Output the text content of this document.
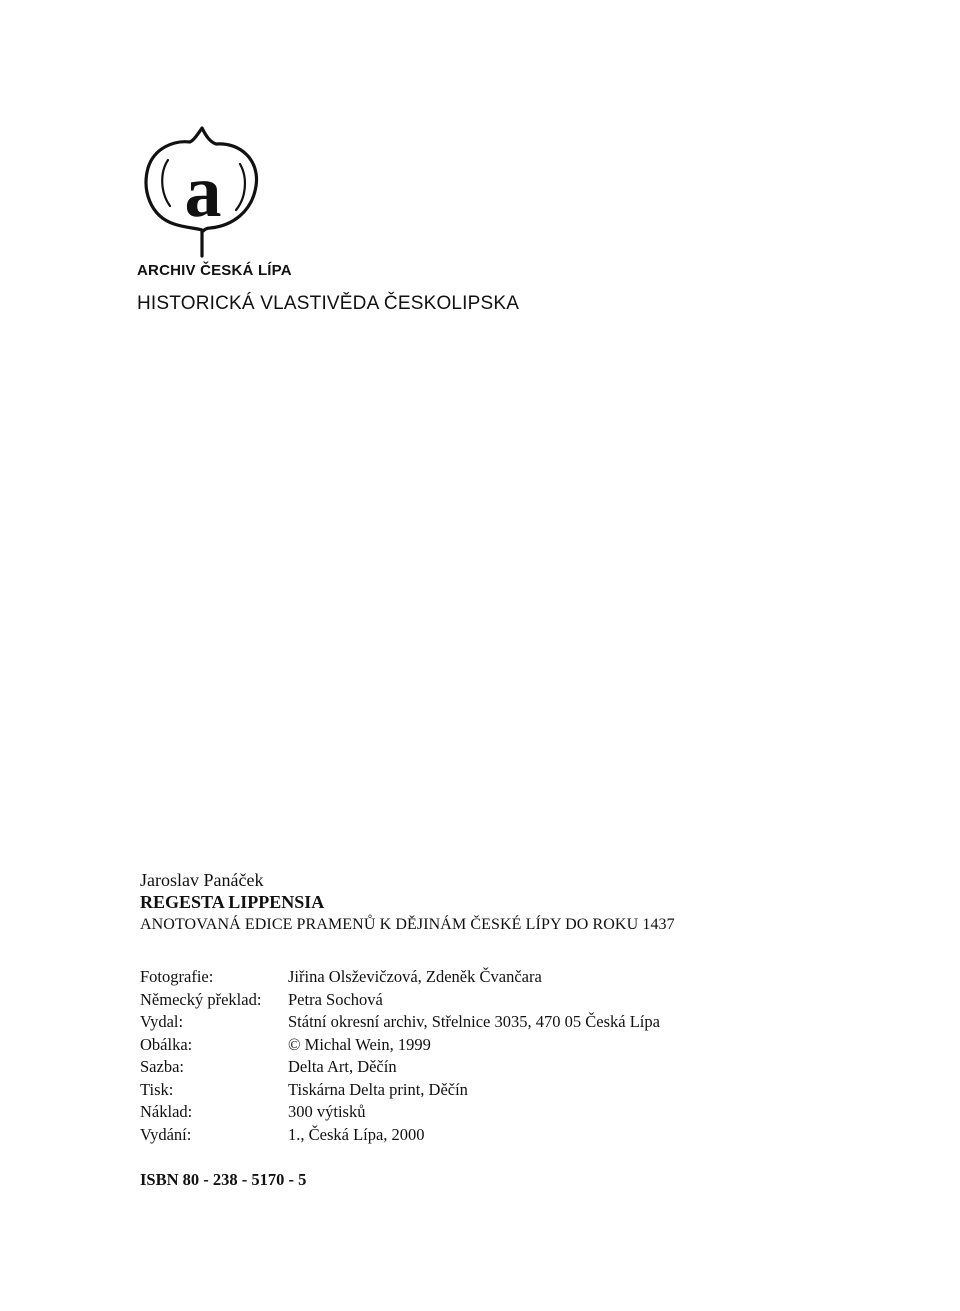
a
ARCHIV ČESKÁ LÍPA
HISTORICKÁ VLASTIVĚDA ČESKOLIPSKA
Jaroslav Panáček
REGESTA LIPPENSIA
ANOTOVANÁ EDICE PRAMENŮ K DĚJINÁM ČESKÉ LÍPY DO ROKU 1437
Fotografie:	Jiřina Olsževičzová, Zdeněk Čvančara
Německý překlad:	Petra Sochová
Vydal:	Státní okresní archiv, Střelnice 3035, 470 05 Česká Lípa
Obálka:	© Michal Wein, 1999
Sazba:	Delta Art, Děčín
Tisk:	Tiskárna Delta print, Děčín
Náklad:	300 výtisků
Vydání:	1., Česká Lípa, 2000
ISBN 80 - 238 - 5170 - 5
